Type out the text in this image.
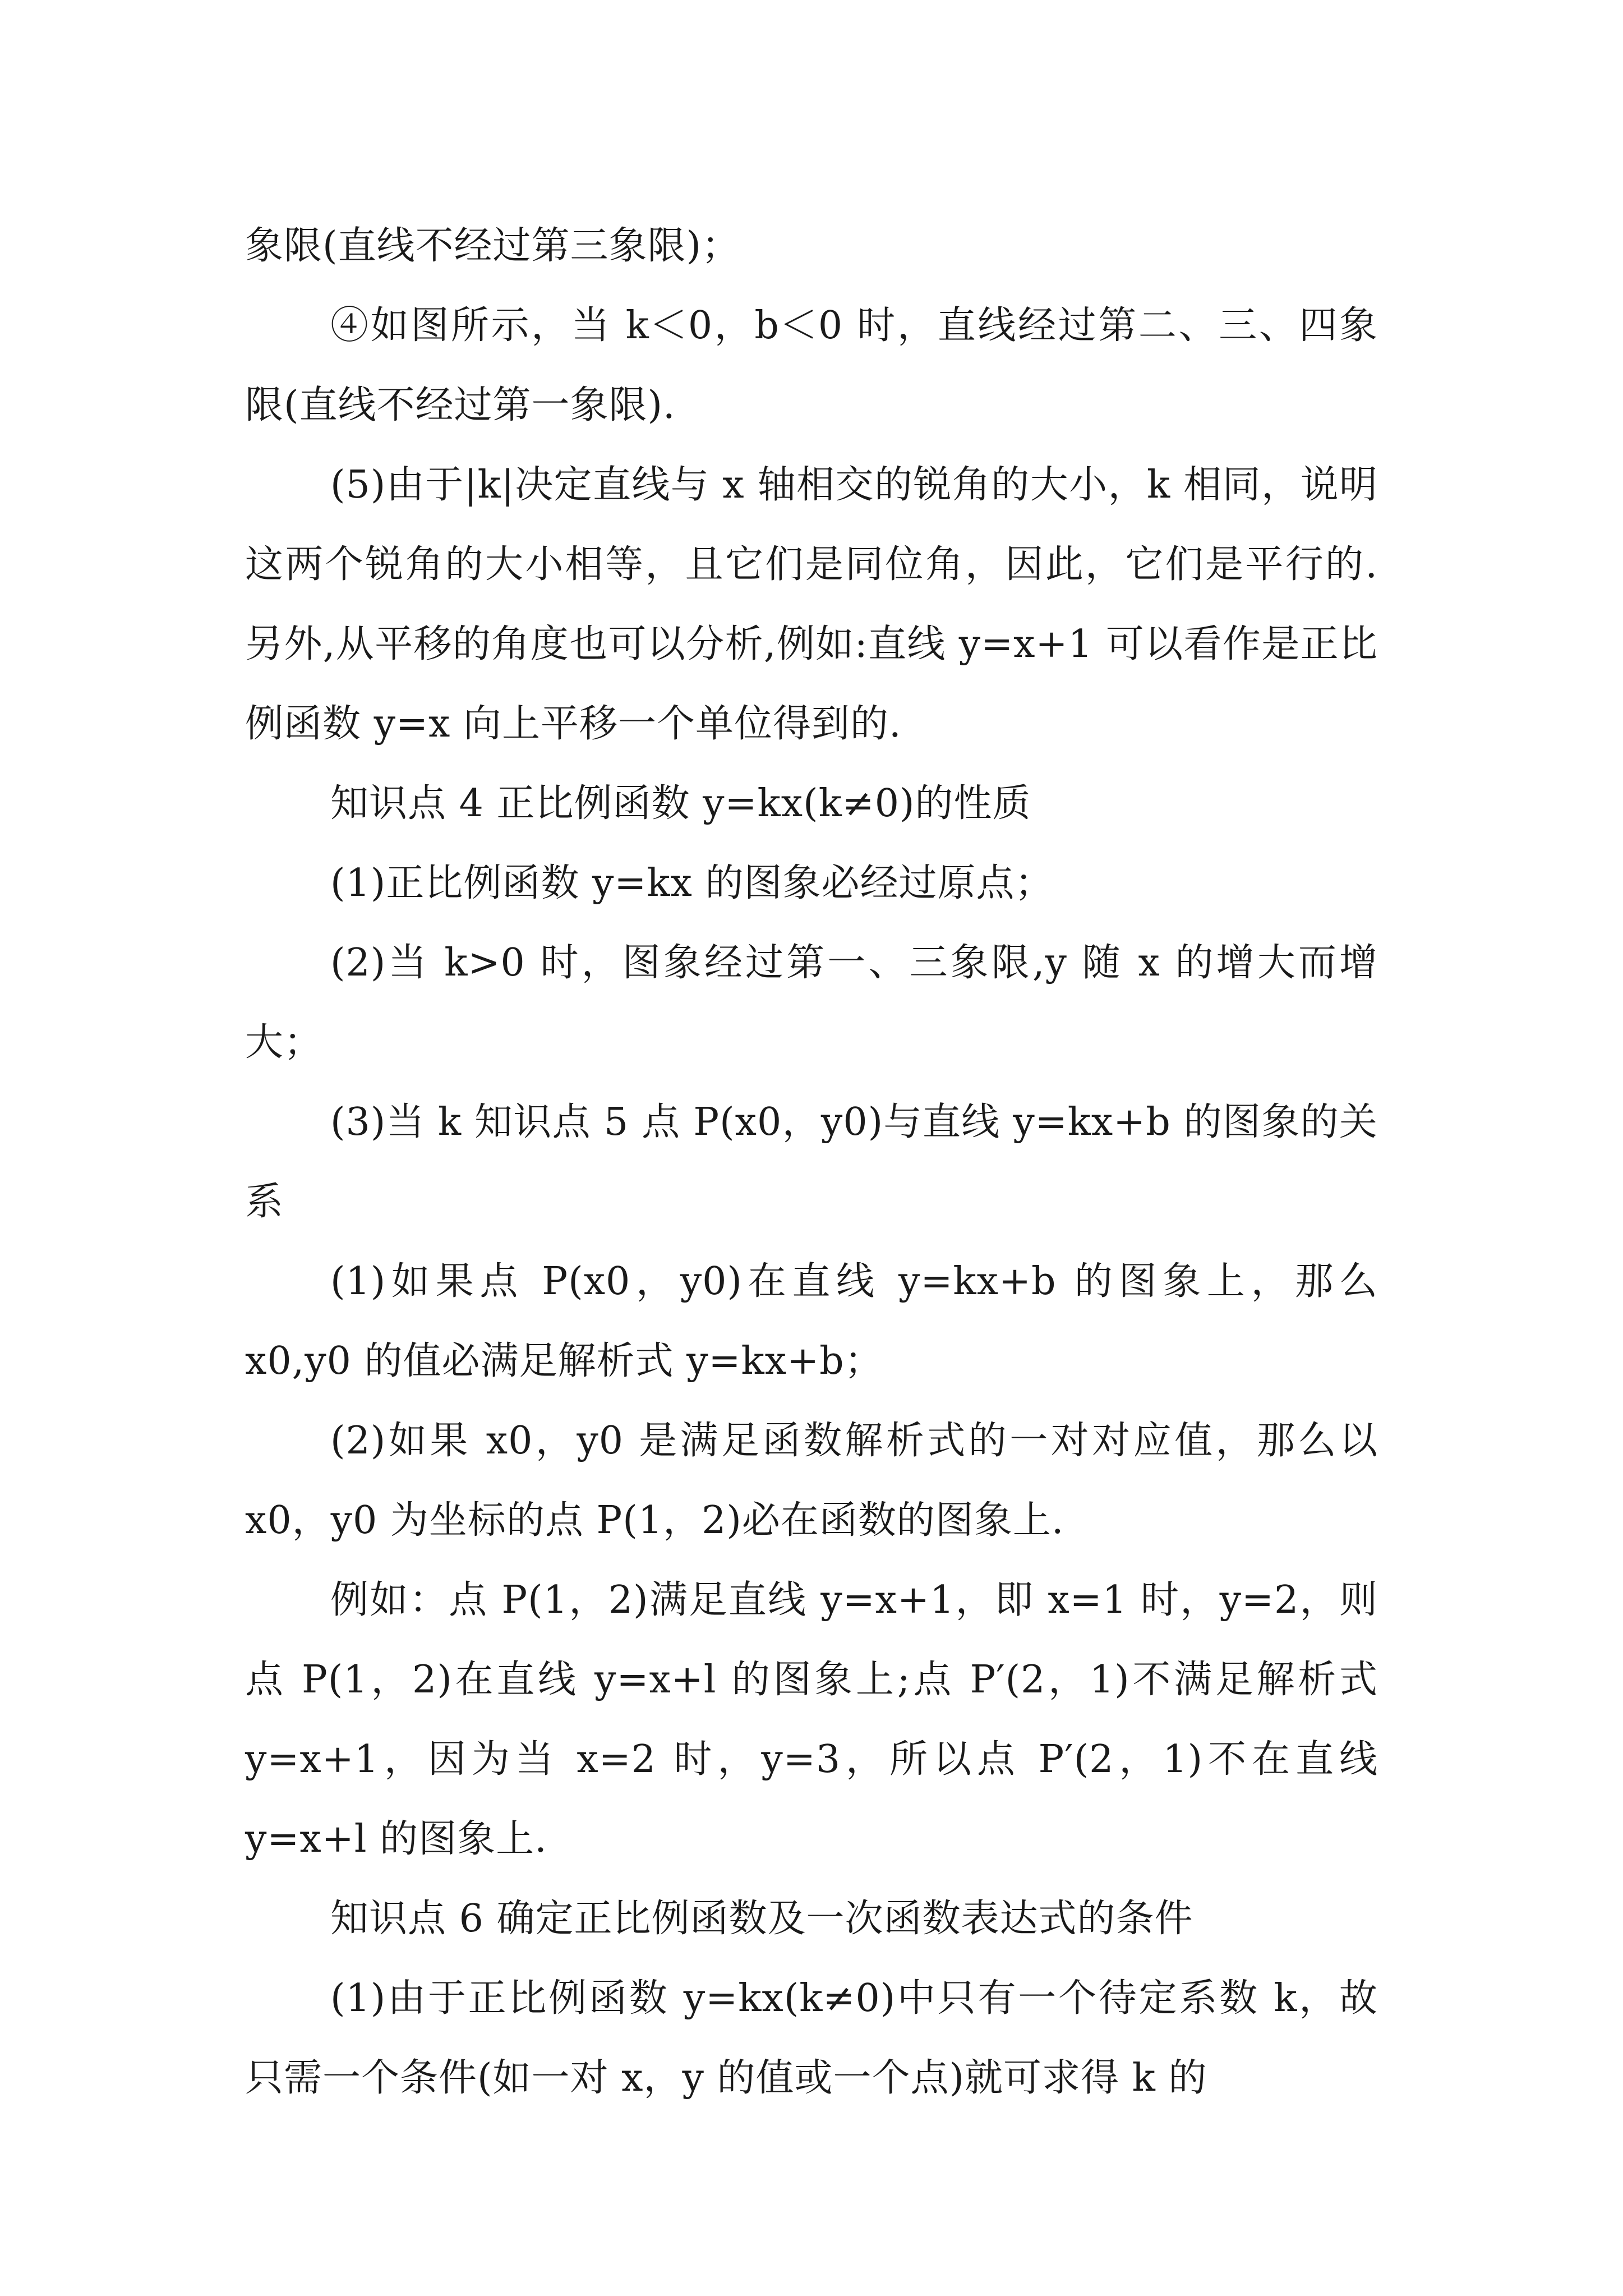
象限(直线不经过第三象限)；

④如图所示，当 k＜0，b＜0 时，直线经过第二、三、四象限(直线不经过第一象限).

(5)由于|k|决定直线与 x 轴相交的锐角的大小，k 相同，说明这两个锐角的大小相等，且它们是同位角，因此，它们是平行的.另外,从平移的角度也可以分析,例如:直线 y=x+1 可以看作是正比例函数 y=x 向上平移一个单位得到的.

知识点 4 正比例函数 y=kx(k≠0)的性质

(1)正比例函数 y=kx 的图象必经过原点；

(2)当 k>0 时，图象经过第一、三象限,y 随 x 的增大而增大；

(3)当 k 知识点 5 点 P(x0，y0)与直线 y=kx+b 的图象的关系

(1)如果点 P(x0，y0)在直线 y=kx+b 的图象上，那么 x0,y0 的值必满足解析式 y=kx+b；

(2)如果 x0，y0 是满足函数解析式的一对对应值，那么以 x0，y0 为坐标的点 P(1，2)必在函数的图象上.

例如：点 P(1，2)满足直线 y=x+1，即 x=1 时，y=2，则点 P(1，2)在直线 y=x+l 的图象上;点 P′(2，1)不满足解析式 y=x+1，因为当 x=2 时，y=3，所以点 P′(2，1)不在直线 y=x+l 的图象上.

知识点 6 确定正比例函数及一次函数表达式的条件

(1)由于正比例函数 y=kx(k≠0)中只有一个待定系数 k，故只需一个条件(如一对 x，y 的值或一个点)就可求得 k 的
